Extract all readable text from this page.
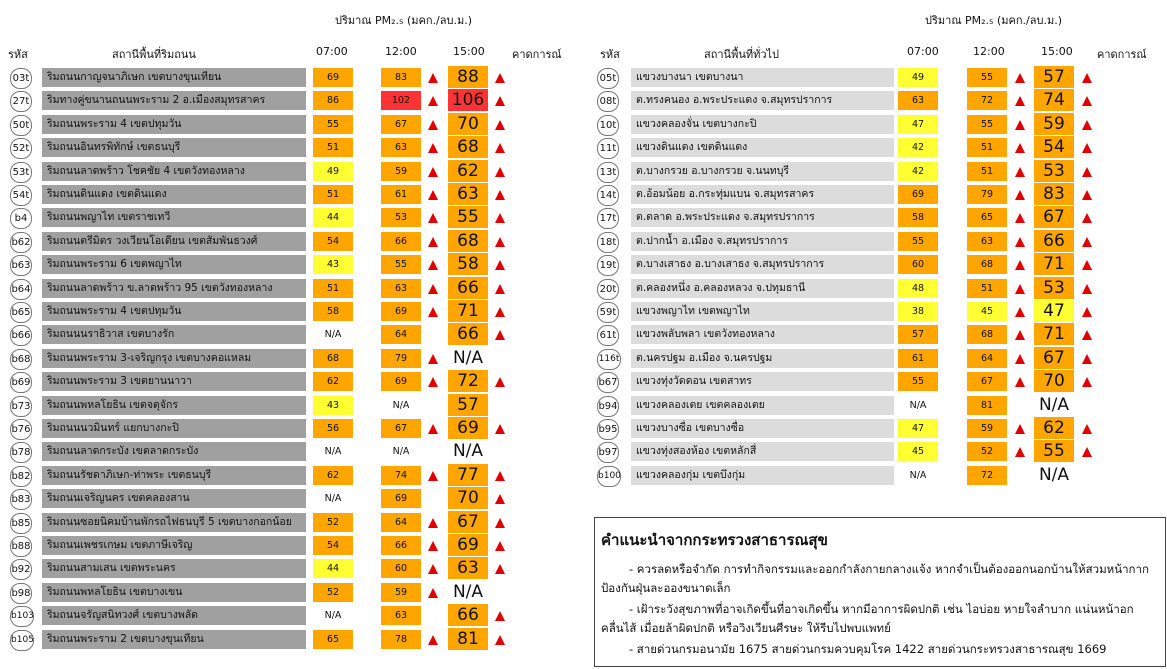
ปริมาณ PM₂.₅ (มคก./ลบ.ม.)
รหัส	สถานีพื้นที่ริมถนน	07:00	12:00	15:00 คาดการณ์
03t	ริมถนนกาญจนาภิเษก เขตบางขุนเทียน	69	83	88
27t	ริมทางคู่ขนานถนนพระราม 2 อ.เมืองสมุทรสาคร	86	102	106
50t	ริมถนนพระราม 4 เขตปทุมวัน	55	67	70
52t	ริมถนนอินทรพิทักษ์ เขตธนบุรี	51	63	68
53t	ริมถนนลาดพร้าว โชคชัย 4 เขตวังทองหลาง	49	59	62
54t	ริมถนนดินแดง เขตดินแดง	51	61	63
b4	ริมถนนพญาไท เขตราชเทวี	44	53	55
b62	ริมถนนตรีมิตร วงเวียนโอเดียน เขตสัมพันธวงศ์	54	66	68
b63	ริมถนนพระราม 6 เขตพญาไท	43	55	58
b64	ริมถนนลาดพร้าว ข.ลาดพร้าว 95 เขตวังทองหลาง	51	63	66
b65	ริมถนนพระราม 4 เขตปทุมวัน	58	69	71
b66	ริมถนนนราธิวาส เขตบางรัก	N/A	64	66
b68	ริมถนนพระราม 3-เจริญกรุง เขตบางคอแหลม	68	79	N/A
b69	ริมถนนพระราม 3 เขตยานนาวา	62	69	72
b73	ริมถนนพหลโยธิน เขตจตุจักร	43	N/A	57
b76	ริมถนนนวมินทร์ แยกบางกะปิ	56	67	69
b78	ริมถนนลาดกระบัง เขตลาดกระบัง	N/A	N/A	N/A
b82	ริมถนนรัชดาภิเษก-ท่าพระ เขตธนบุรี	62	74	77
b83	ริมถนนเจริญนคร เขตคลองสาน	N/A	69	70
b85	ริมถนนซอยนิคมบ้านพักรถไฟธนบุรี 5 เขตบางกอกน้อย	52	64	67
b88	ริมถนนเพชรเกษม เขตภาษีเจริญ	54	66	69
b92	ริมถนนสามเสน เขตพระนคร	44	60	63
b98	ริมถนนพหลโยธิน เขตบางเขน	52	59	N/A
b103	ริมถนนจรัญสนิทวงศ์ เขตบางพลัด	N/A	63	66
b105	ริมถนนพระราม 2 เขตบางขุนเทียน	65	78	81
ปริมาณ PM₂.₅ (มคก./ลบ.ม.)
รหัส	สถานีพื้นที่ทั่วไป	07:00	12:00	15:00 คาดการณ์
05t	แขวงบางนา เขตบางนา	49	55	57
08t	ต.ทรงคนอง อ.พระประแดง จ.สมุทรปราการ	63	72	74
10t	แขวงคลองจั่น เขตบางกะปิ	47	55	59
11t	แขวงดินแดง เขตดินแดง	42	51	54
13t	ต.บางกรวย อ.บางกรวย จ.นนทบุรี	42	51	53
14t	ต.อ้อมน้อย อ.กระทุ่มแบน จ.สมุทรสาคร	69	79	83
17t	ต.ตลาด อ.พระประแดง จ.สมุทรปราการ	58	65	67
18t	ต.ปากน้ำ อ.เมือง จ.สมุทรปราการ	55	63	66
19t	ต.บางเสาธง อ.บางเสาธง จ.สมุทรปราการ	60	68	71
20t	ต.คลองหนึ่ง อ.คลองหลวง จ.ปทุมธานี	48	51	53
59t	แขวงพญาไท เขตพญาไท	38	45	47
61t	แขวงพลับพลา เขตวังทองหลาง	57	68	71
116t	ต.นครปฐม อ.เมือง จ.นครปฐม	61	64	67
b67	แขวงทุ่งวัดดอน เขตสาทร	55	67	70
b94	แขวงคลองเตย เขตคลองเตย	N/A	81	N/A
b95	แขวงบางซื่อ เขตบางซื่อ	47	59	62
b97	แขวงทุ่งสองห้อง เขตหลักสี่	45	52	55
b100	แขวงคลองกุ่ม เขตบึงกุ่ม	N/A	72	N/A
คำแนะนำจากกระทรวงสาธารณสุข
- ควรลดหรือจำกัด การทำกิจกรรมและออกกำลังกายกลางแจ้ง หากจำเป็นต้องออกนอกบ้านให้สวมหน้ากากป้องกันฝุ่นละอองขนาดเล็ก
- เฝ้าระวังสุขภาพที่อาจเกิดขึ้นที่อาจเกิดขึ้น หากมีอาการผิดปกติ เช่น ไอบ่อย หายใจลำบาก แน่นหน้าอก คลื่นไส้ เมื่อยล้าผิดปกติ หรือวิงเวียนศีรษะ ให้รีบไปพบแพทย์
- สายด่วนกรมอนามัย 1675 สายด่วนกรมควบคุมโรค 1422 สายด่วนกระทรวงสาธารณสุข 1669
